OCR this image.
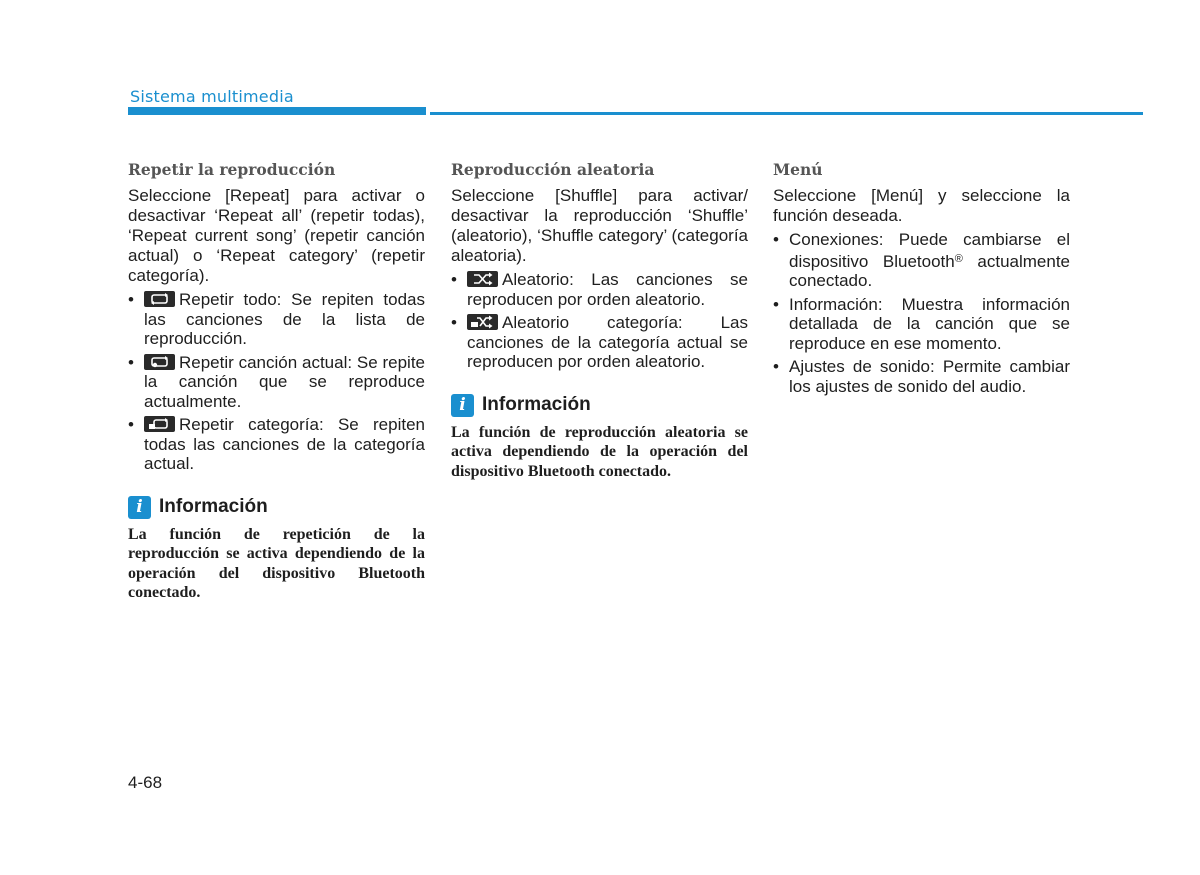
Sistema multimedia
Repetir la reproducción

Seleccione [Repeat] para activar o desactivar ‘Repeat all’ (repetir todas), ‘Repeat current song’ (repetir canción actual) o ‘Repeat category’ (repetir categoría).

•	Repetir todo: Se repiten todas las canciones de la lista de reproducción.
•	Repetir canción actual: Se repite la canción que se reproduce actualmente.
•	Repetir categoría: Se repiten todas las canciones de la categoría actual.
i Información

La función de repetición de la reproducción se activa dependiendo de la operación del dispositivo Bluetooth conectado.

Reproducción aleatoria

Seleccione [Shuffle] para activar/ desactivar la reproducción ‘Shuffle’ (aleatorio), ‘Shuffle category’ (categoría aleatoria).

•	Aleatorio: Las canciones se reproducen por orden aleatorio.
•	Aleatorio categoría: Las canciones de la categoría actual se reproducen por orden aleatorio.
i Información

La función de reproducción aleatoria se activa dependiendo de la operación del dispositivo Bluetooth conectado.

Menú

Seleccione [Menú] y seleccione la función deseada.

• Conexiones: Puede cambiarse el dispositivo Bluetooth® actualmente conectado.
• Información: Muestra información detallada de la canción que se reproduce en ese momento.
• Ajustes de sonido: Permite cambiar los ajustes de sonido del audio.
4-68
